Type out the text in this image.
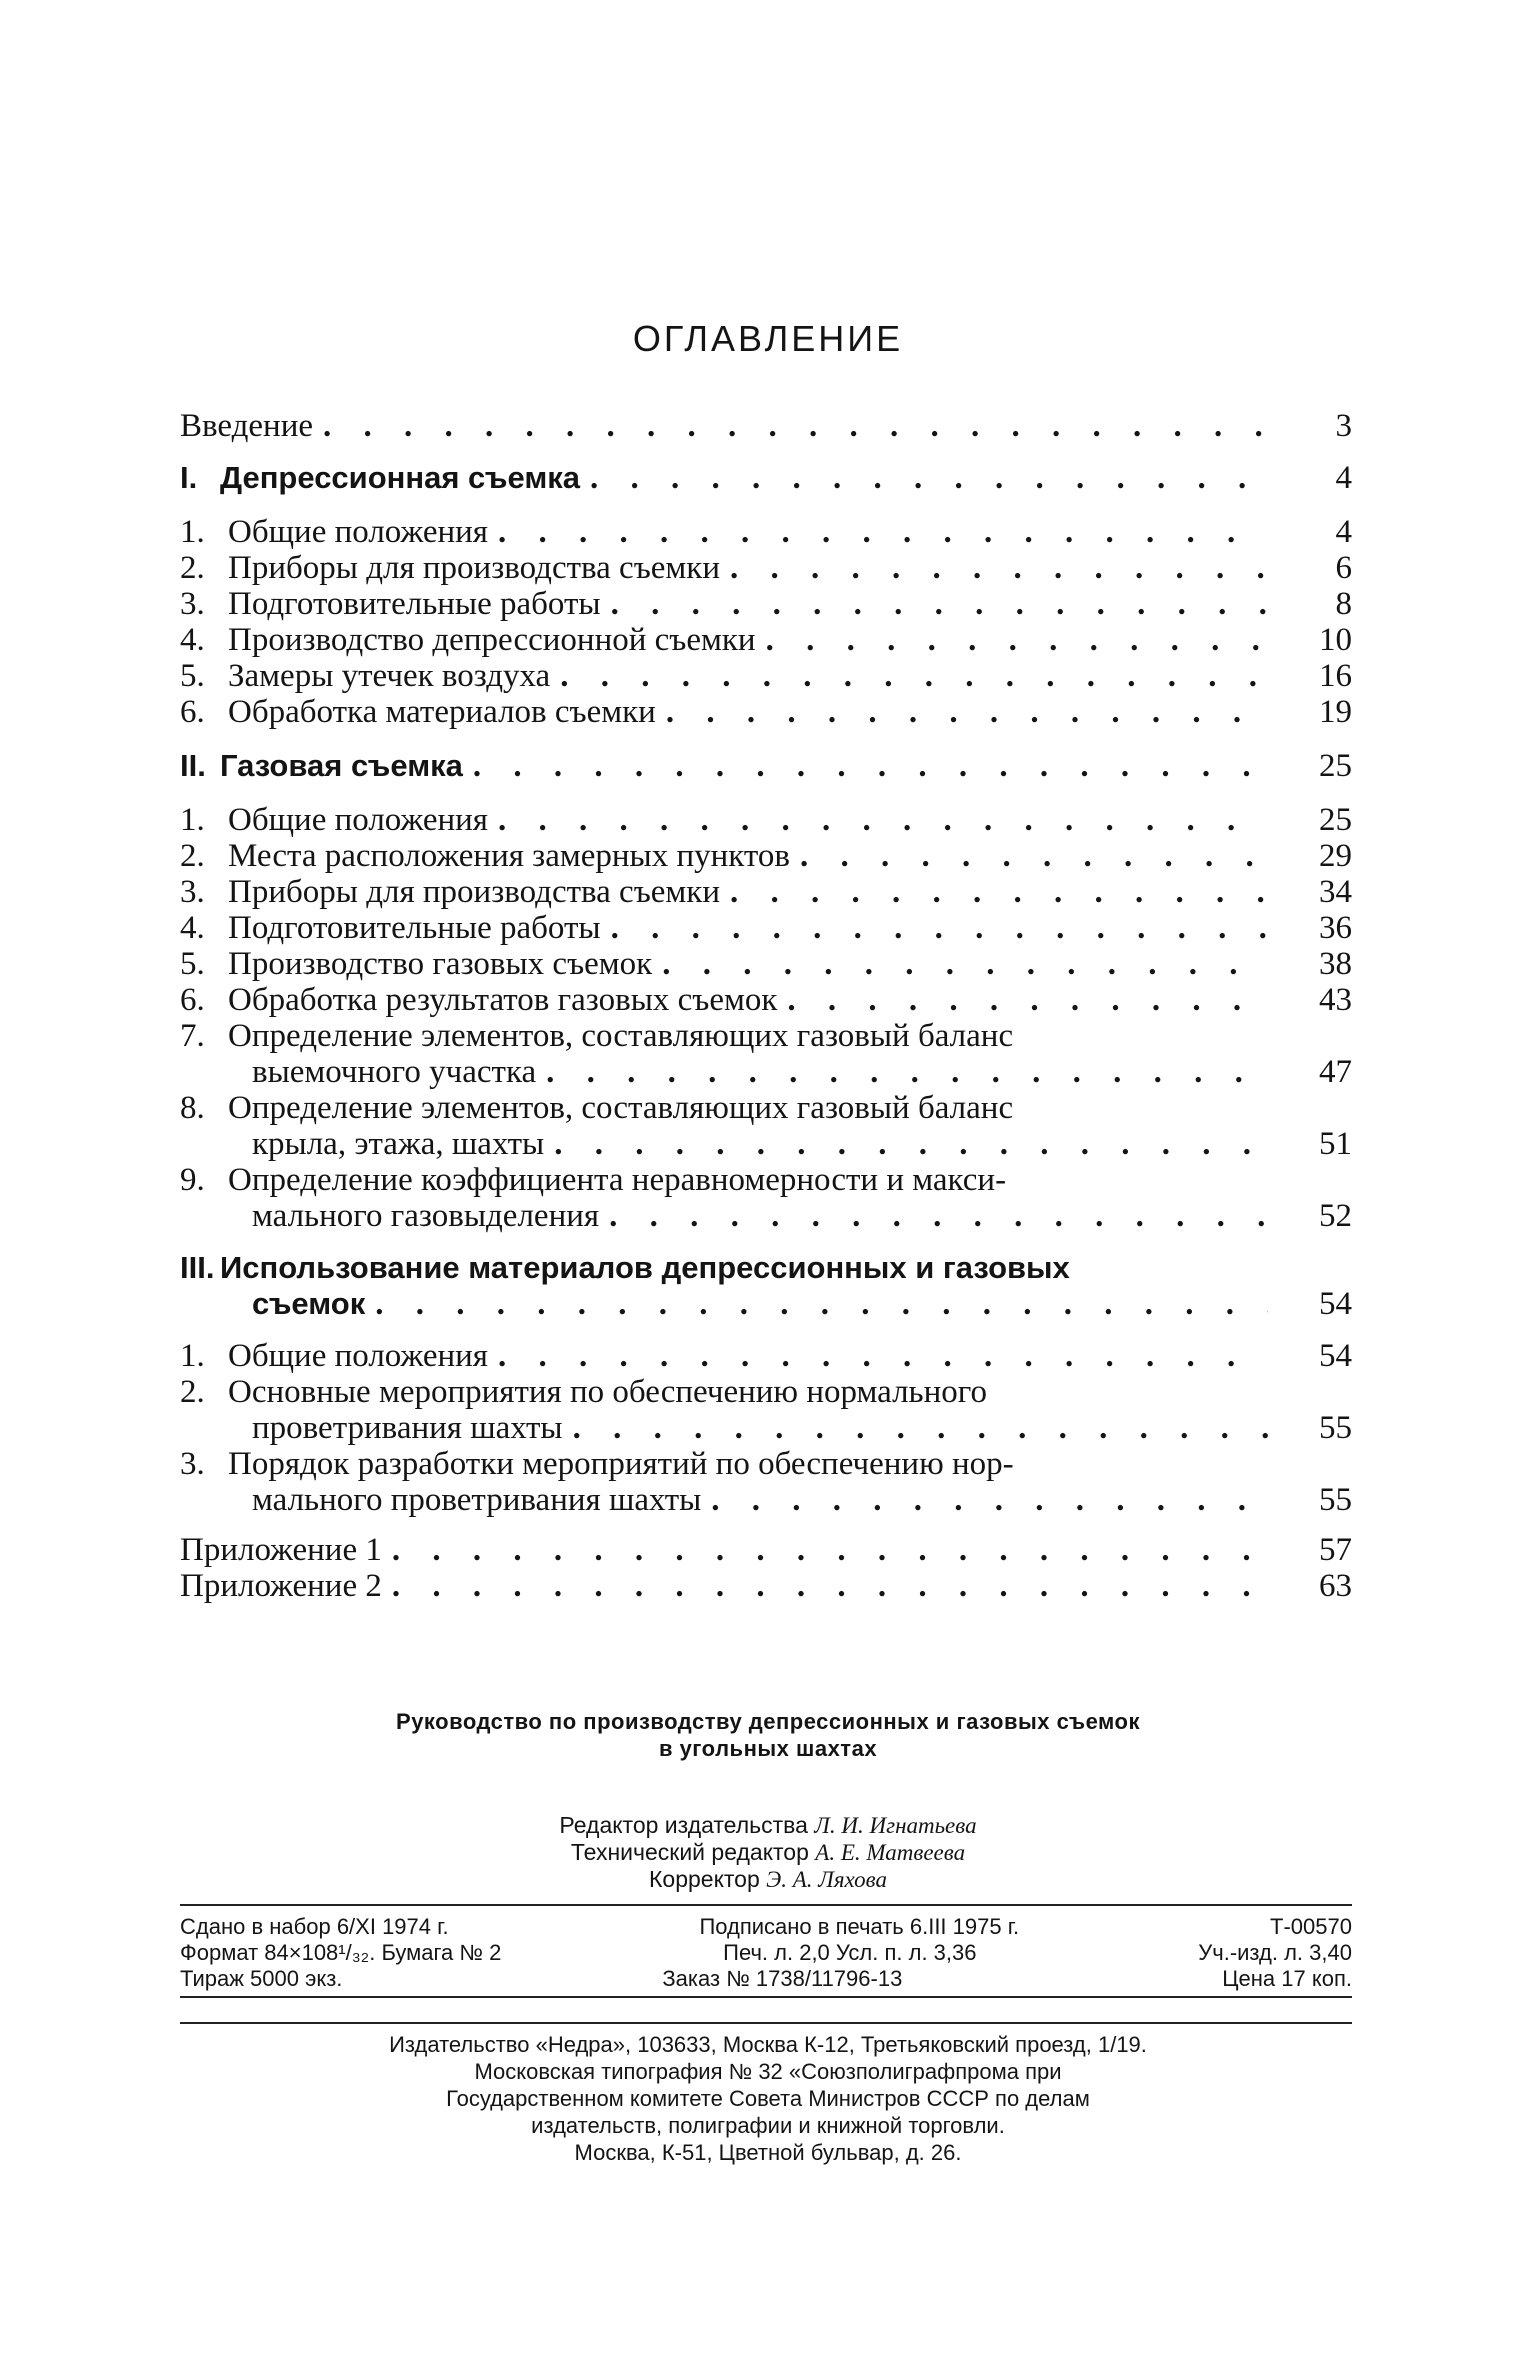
ОГЛАВЛЕНИЕ
Введение . . .	3
I. Депрессионная съемка . . .	4
1. Общие положения . . .	4
2. Приборы для производства съемки . . .	6
3. Подготовительные работы . . .	8
4. Производство депрессионной съемки . . .	10
5. Замеры утечек воздуха . . .	16
6. Обработка материалов съемки . . .	19
II. Газовая съемка . . .	25
1. Общие положения . . .	25
2. Места расположения замерных пунктов . . .	29
3. Приборы для производства съемки . . .	34
4. Подготовительные работы . . .	36
5. Производство газовых съемок . . .	38
6. Обработка результатов газовых съемок . . .	43
7. Определение элементов, составляющих газовый баланс
выемочного участка . . .	47
8. Определение элементов, составляющих газовый баланс
крыла, этажа, шахты . . .	51
9. Определение коэффициента неравномерности и макси-
мального газовыделения . . .	52
III. Использование материалов депрессионных и газовых
съемок . . .	54
1. Общие положения . . .	54
2. Основные мероприятия по обеспечению нормального
проветривания шахты . . .	55
3. Порядок разработки мероприятий по обеспечению нор-
мального проветривания шахты . . .	55
Приложение 1 . . .	57
Приложение 2 . . .	63
Руководство по производству депрессионных и газовых съемок
в угольных шахтах
Редактор издательства Л. И. Игнатьева
Технический редактор А. Е. Матвеева
Корректор Э. А. Ляхова
Сдано в набор 6/XI 1974 г.	Подписано в печать 6.III 1975 г.	Т-00570
Формат 84×108¹/₃₂. Бумага № 2	Печ. л. 2,0 Усл. п. л. 3,36	Уч.-изд. л. 3,40
Тираж 5000 экз.	Заказ № 1738/11796-13	Цена 17 коп.
Издательство «Недра», 103633, Москва К-12, Третьяковский проезд, 1/19.
Московская типография № 32 «Союзполиграфпрома при
Государственном комитете Совета Министров СССР по делам
издательств, полиграфии и книжной торговли.
Москва, К-51, Цветной бульвар, д. 26.
